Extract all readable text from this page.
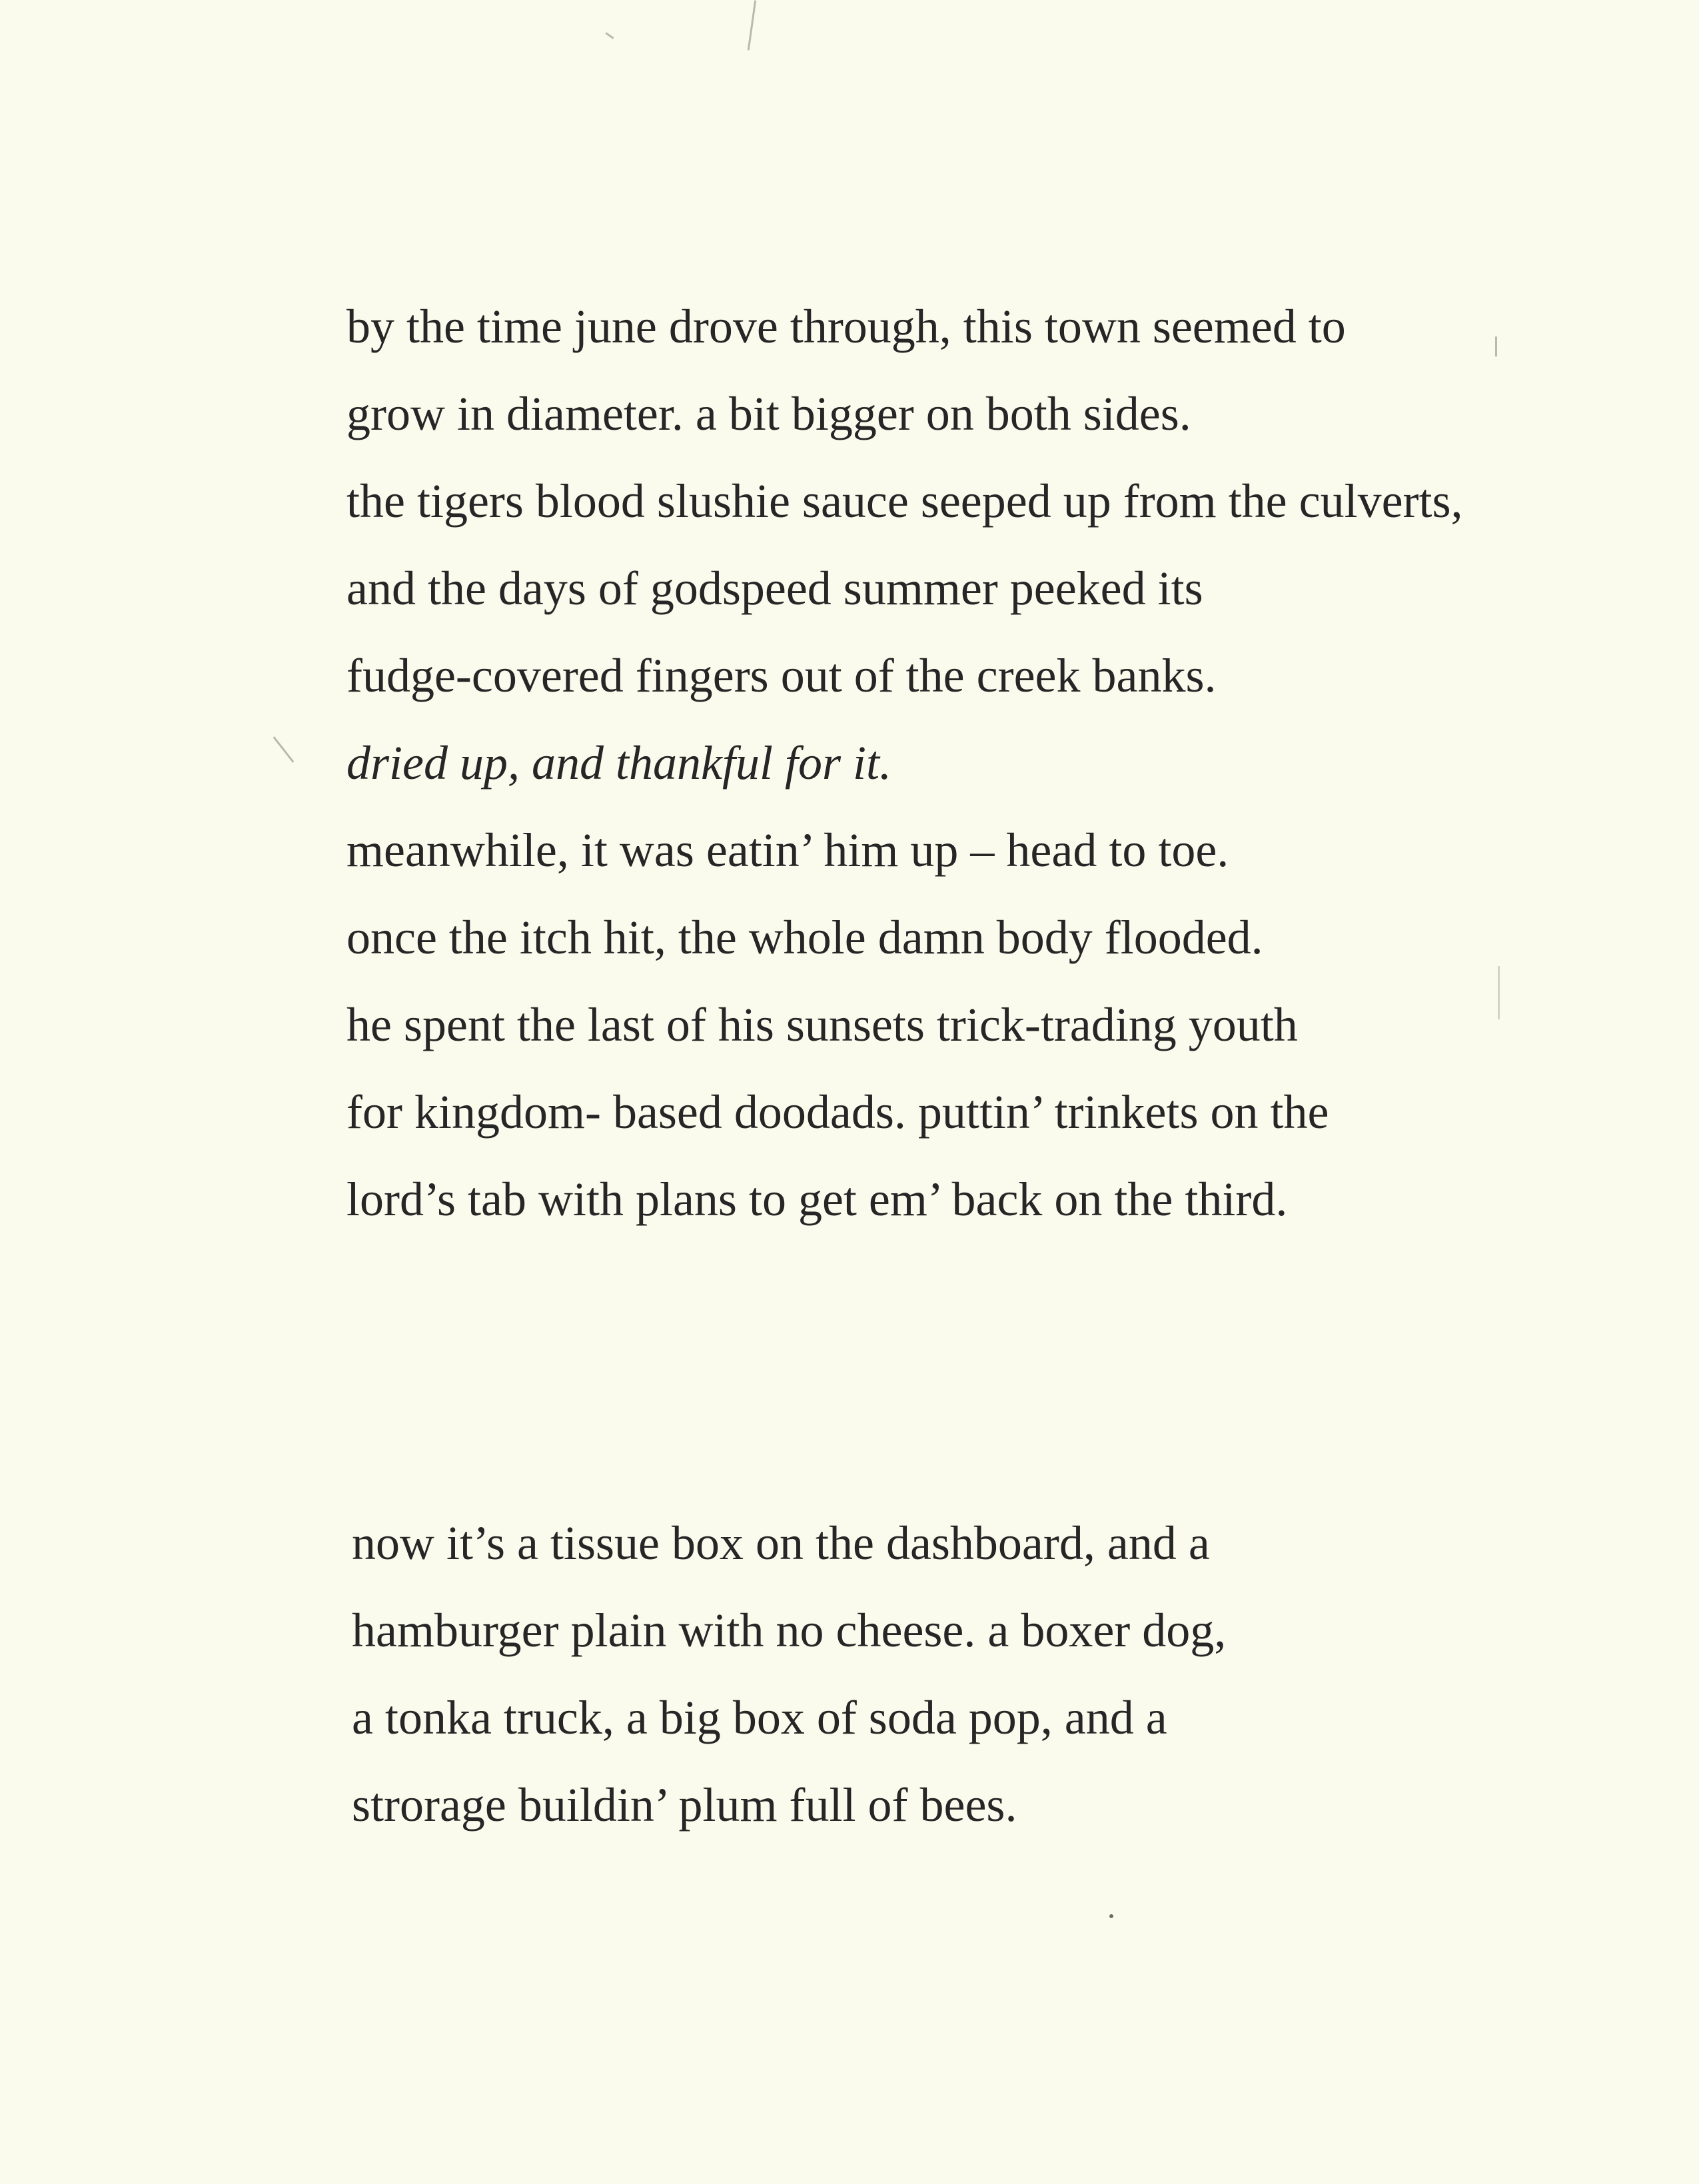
by the time june drove through, this town seemed to
grow in diameter. a bit bigger on both sides.
the tigers blood slushie sauce seeped up from the culverts,
and the days of godspeed summer peeked its
fudge-covered fingers out of the creek banks.
dried up, and thankful for it.
meanwhile, it was eatin’ him up – head to toe.
once the itch hit, the whole damn body flooded.
he spent the last of his sunsets trick-trading youth
for kingdom- based doodads. puttin’ trinkets on the
lord’s tab with plans to get em’ back on the third.
now it’s a tissue box on the dashboard, and a
hamburger plain with no cheese. a boxer dog,
a tonka truck, a big box of soda pop, and a
strorage buildin’ plum full of bees.
